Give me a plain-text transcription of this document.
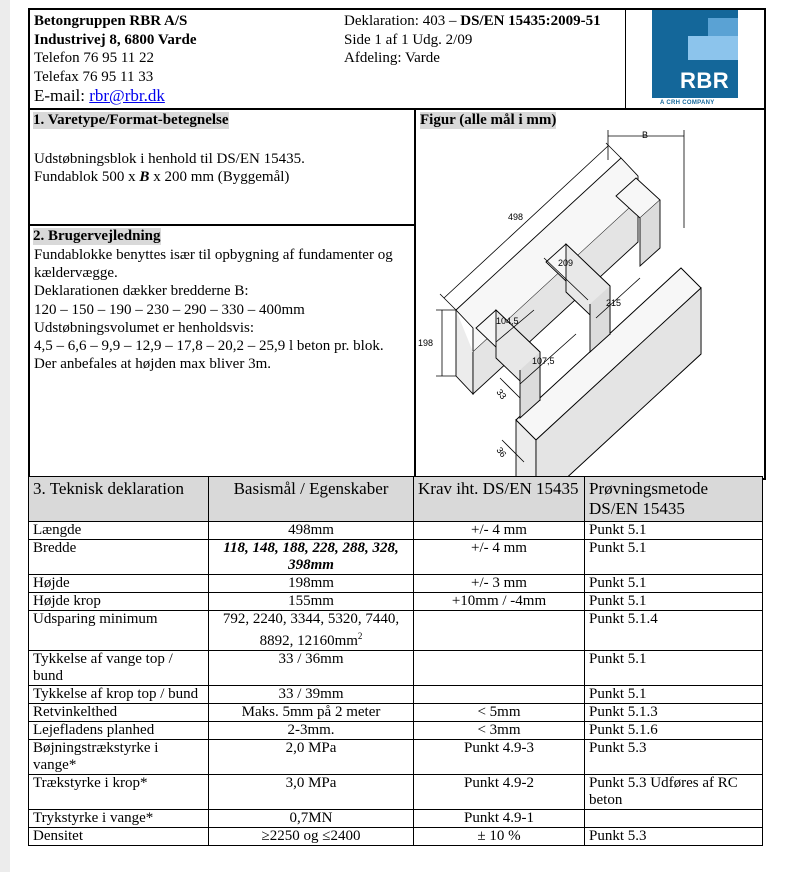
Betongruppen RBR A/S
Industrivej 8, 6800 Varde
Telefon 76 95 11 22
Telefax 76 95 11 33
E-mail: rbr@rbr.dk
Deklaration: 403 – DS/EN 15435:2009-51
Side 1 af 1 Udg. 2/09
Afdeling: Varde
RBR
A CRH COMPANY
1. Varetype/Format-betegnelse
Udstøbningsblok i henhold til DS/EN 15435.
Fundablok 500 x B x 200 mm (Byggemål)
2. Brugervejledning
Fundablokke benyttes især til opbygning af fundamenter og kældervægge.
Deklarationen dækker bredderne B:
120 – 150 – 190 – 230 – 290 – 330 – 400mm
Udstøbningsvolumet er henholdsvis:
4,5 – 6,6 – 9,9 – 12,9 – 17,8 – 20,2 – 25,9 l beton pr. blok.
Der anbefales at højden max bliver 3m.
Figur (alle mål i mm)
B
498
198
209
215
104,5
107,5
33
36
3. Teknisk deklaration	Basismål / Egenskaber	Krav iht. DS/EN 15435	Prøvningsmetode DS/EN 15435
Længde	498mm	+/- 4 mm	Punkt 5.1
Bredde	118, 148, 188, 228, 288, 328, 398mm	+/- 4 mm	Punkt 5.1
Højde	198mm	+/- 3 mm	Punkt 5.1
Højde krop	155mm	+10mm / -4mm	Punkt 5.1
Udsparing minimum	792, 2240, 3344, 5320, 7440, 8892, $12160mm^2$		Punkt 5.1.4
Tykkelse af vange top / bund	33 / 36mm		Punkt 5.1
Tykkelse af krop top / bund	33 / 39mm		Punkt 5.1
Retvinkelthed	Maks. 5mm på 2 meter	< 5mm	Punkt 5.1.3
Lejefladens planhed	2-3mm.	< 3mm	Punkt 5.1.6
Bøjningstrækstyrke i vange*	2,0 MPa	Punkt 4.9-3	Punkt 5.3
Trækstyrke i krop*	3,0 MPa	Punkt 4.9-2	Punkt 5.3 Udføres af RC beton
Trykstyrke i vange*	0,7MN	Punkt 4.9-1	
Densitet	≥2250 og ≤2400	± 10 %	Punkt 5.3
